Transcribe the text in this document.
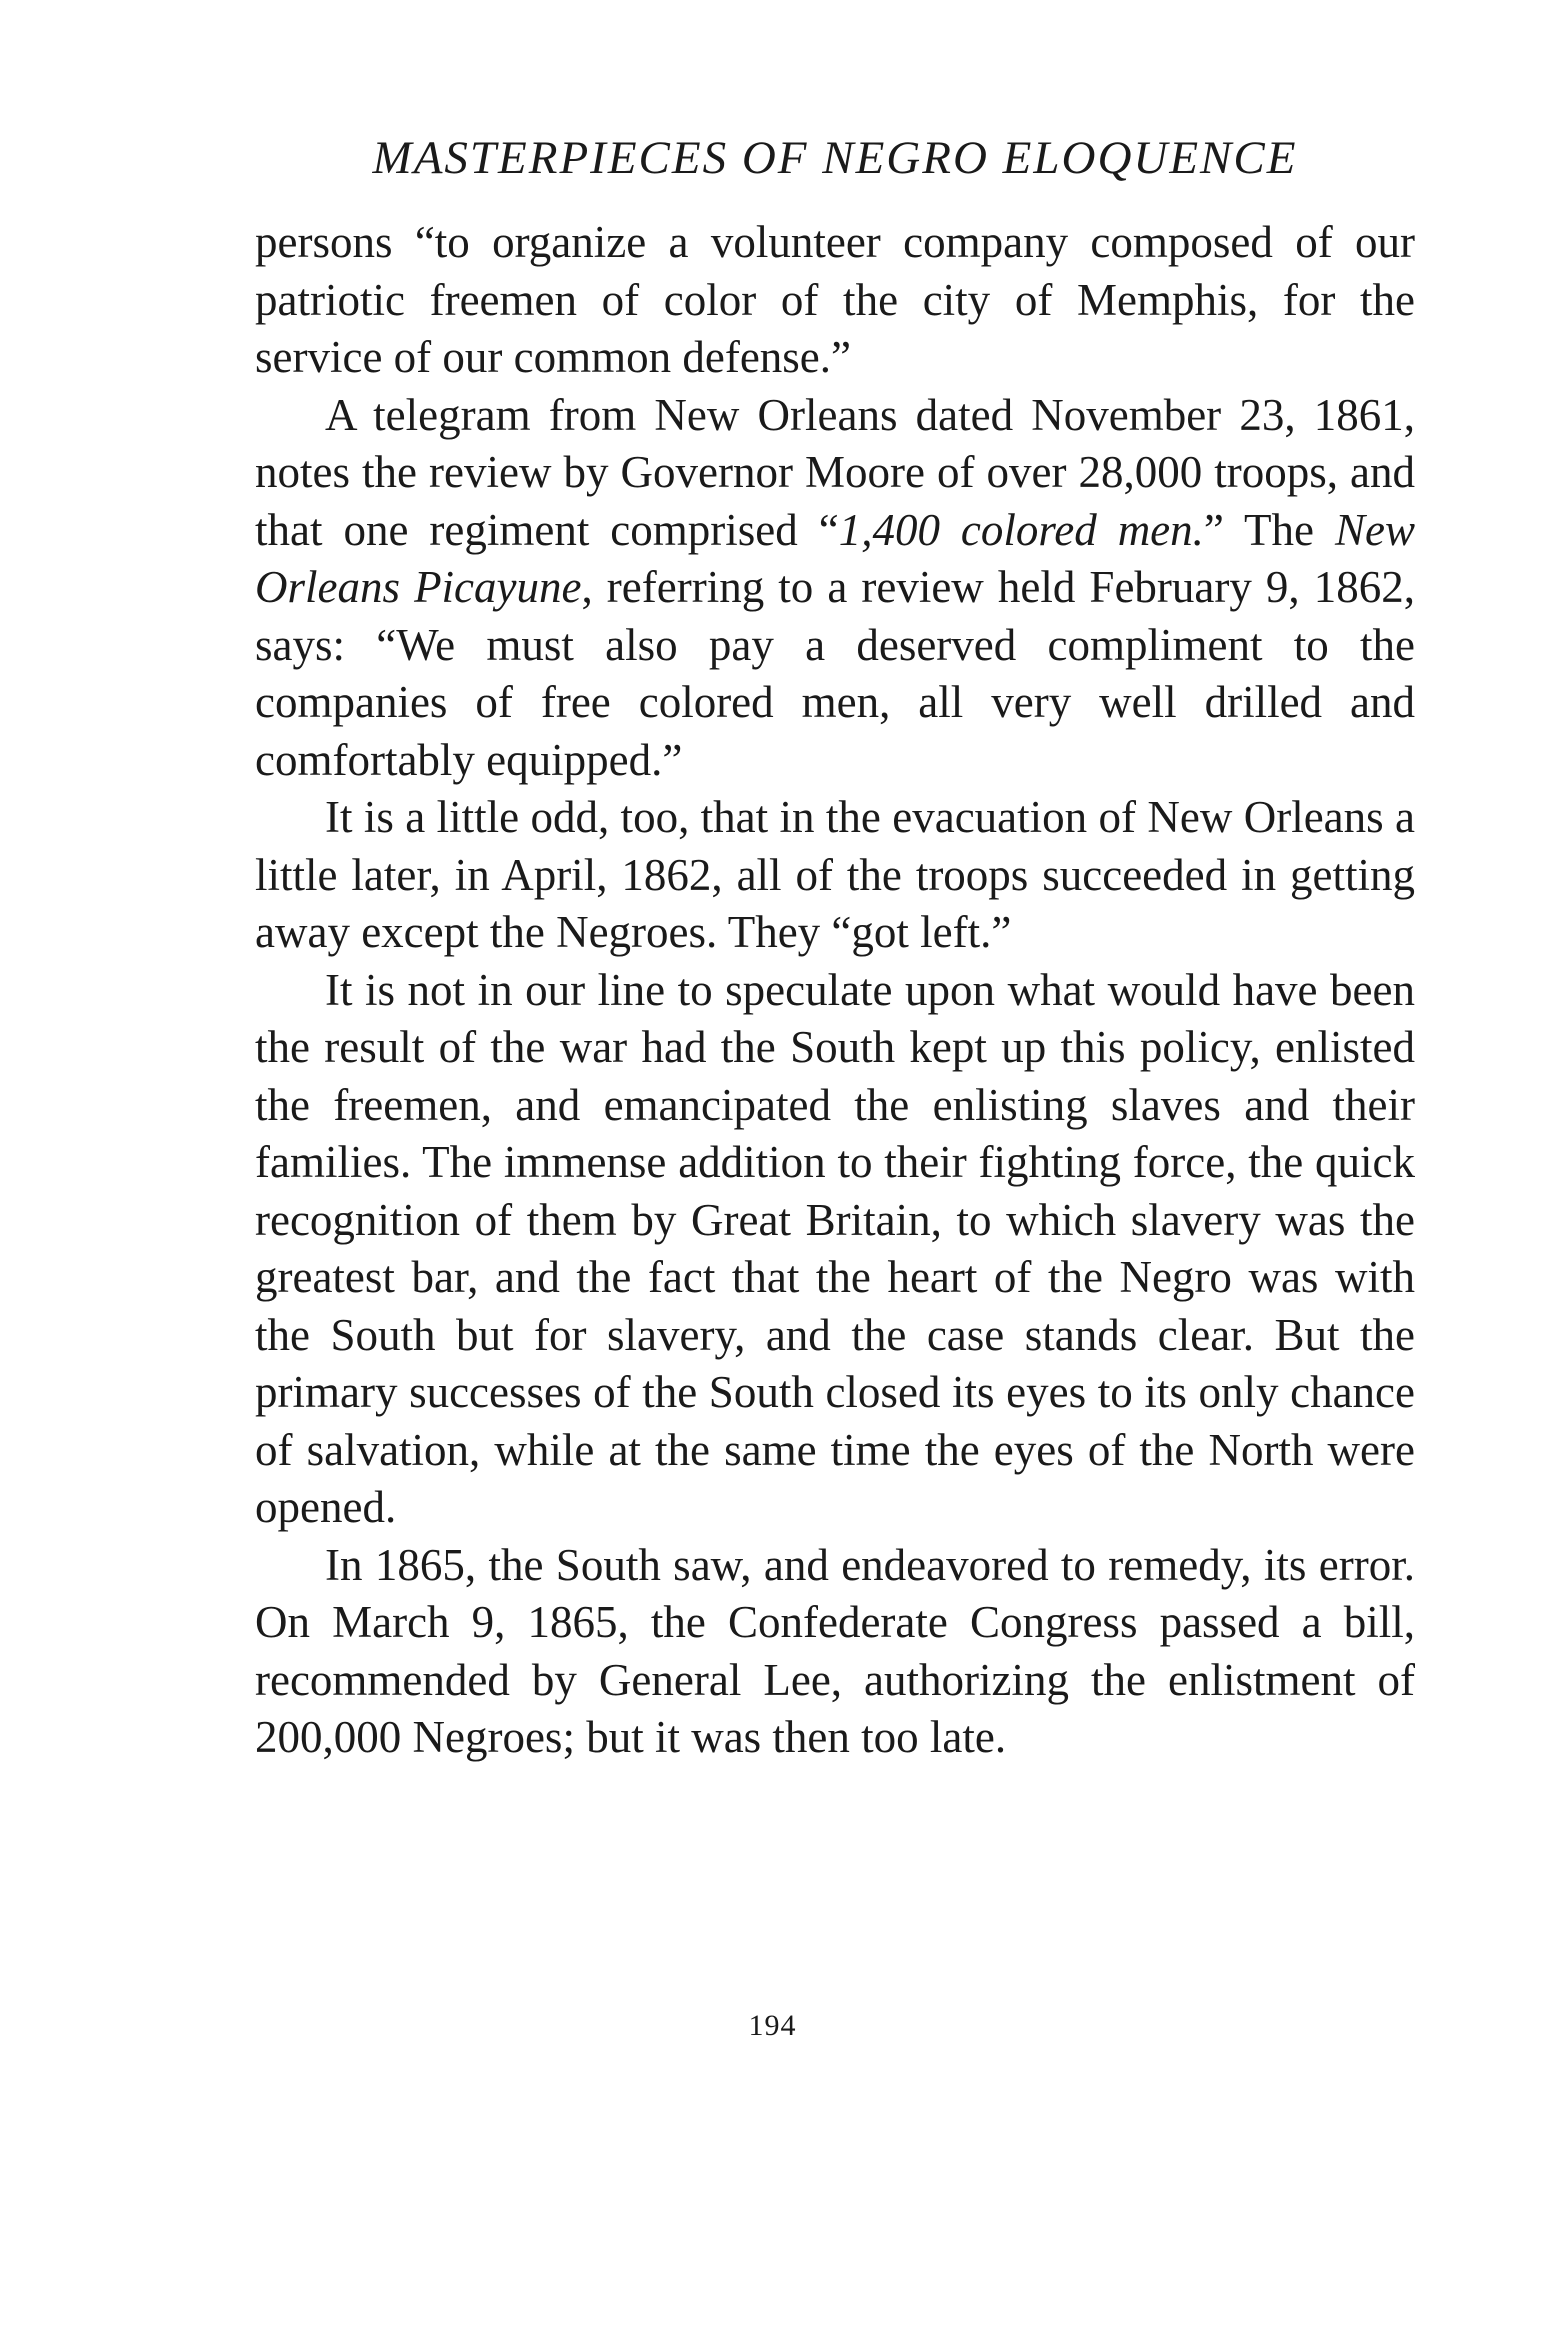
MASTERPIECES OF NEGRO ELOQUENCE

persons “to organize a volunteer company composed of our patriotic freemen of color of the city of Memphis, for the service of our common defense.”

A telegram from New Orleans dated November 23, 1861, notes the review by Governor Moore of over 28,000 troops, and that one regiment comprised “1,400 colored men.” The New Orleans Picayune, referring to a review held February 9, 1862, says: “We must also pay a deserved compliment to the companies of free colored men, all very well drilled and comfortably equipped.”

It is a little odd, too, that in the evacuation of New Orleans a little later, in April, 1862, all of the troops succeeded in getting away except the Negroes. They “got left.”

It is not in our line to speculate upon what would have been the result of the war had the South kept up this policy, enlisted the freemen, and emancipated the enlisting slaves and their families. The immense addition to their fighting force, the quick recognition of them by Great Britain, to which slavery was the greatest bar, and the fact that the heart of the Negro was with the South but for slavery, and the case stands clear. But the primary successes of the South closed its eyes to its only chance of salvation, while at the same time the eyes of the North were opened.

In 1865, the South saw, and endeavored to remedy, its error. On March 9, 1865, the Confederate Congress passed a bill, recommended by General Lee, authorizing the enlistment of 200,000 Negroes; but it was then too late.

194
